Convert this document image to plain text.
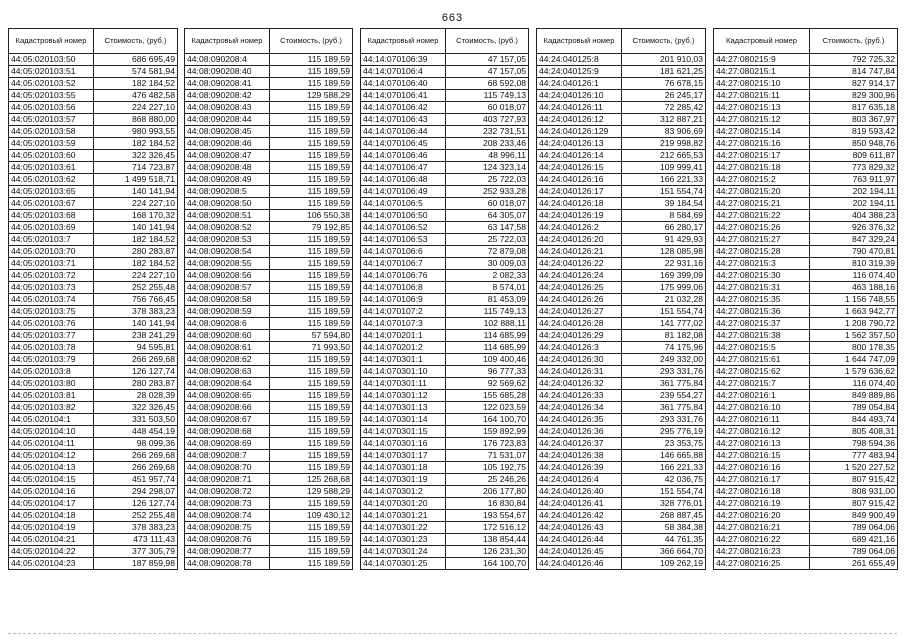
663
Кадастровый номер	Стоимость, (руб.)
44:05:020103:50	686 695,49
44:05:020103:51	574 581,94
44:05:020103:52	182 184,52
44:05:020103:55	476 482,58
44:05:020103:56	224 227,10
44:05:020103:57	868 880,00
44:05:020103:58	980 993,55
44:05:020103:59	182 184,52
44:05:020103:60	322 326,45
44:05:020103:61	714 723,87
44:05:020103:62	1 499 518,71
44:05:020103:65	140 141,94
44:05:020103:67	224 227,10
44:05:020103:68	168 170,32
44:05:020103:69	140 141,94
44:05:020103:7	182 184,52
44:05:020103:70	280 283,87
44:05:020103:71	182 184,52
44:05:020103:72	224 227,10
44:05:020103:73	252 255,48
44:05:020103:74	756 766,45
44:05:020103:75	378 383,23
44:05:020103:76	140 141,94
44:05:020103:77	238 241,29
44:05:020103:78	94 595,81
44:05:020103:79	266 269,68
44:05:020103:8	126 127,74
44:05:020103:80	280 283,87
44:05:020103:81	28 028,39
44:05:020103:82	322 326,45
44:05:020104:1	331 503,50
44:05:020104:10	448 454,19
44:05:020104:11	98 099,36
44:05:020104:12	266 269,68
44:05:020104:13	266 269,68
44:05:020104:15	451 957,74
44:05:020104:16	294 298,07
44:05:020104:17	126 127,74
44:05:020104:18	252 255,48
44:05:020104:19	378 383,23
44:05:020104:21	473 111,43
44:05:020104:22	377 305,79
44:05:020104:23	187 859,98
Кадастровый номер	Стоимость, (руб.)
44:08:090208:4	115 189,59
44:08:090208:40	115 189,59
44:08:090208:41	115 189,59
44:08:090208:42	129 588,29
44:08:090208:43	115 189,59
44:08:090208:44	115 189,59
44:08:090208:45	115 189,59
44:08:090208:46	115 189,59
44:08:090208:47	115 189,59
44:08:090208:48	115 189,59
44:08:090208:49	115 189,59
44:08:090208:5	115 189,59
44:08:090208:50	115 189,59
44:08:090208:51	106 550,38
44:08:090208:52	79 192,85
44:08:090208:53	115 189,59
44:08:090208:54	115 189,59
44:08:090208:55	115 189,59
44:08:090208:56	115 189,59
44:08:090208:57	115 189,59
44:08:090208:58	115 189,59
44:08:090208:59	115 189,59
44:08:090208:6	115 189,59
44:08:090208:60	57 594,80
44:08:090208:61	71 993,50
44:08:090208:62	115 189,59
44:08:090208:63	115 189,59
44:08:090208:64	115 189,59
44:08:090208:65	115 189,59
44:08:090208:66	115 189,59
44:08:090208:67	115 189,59
44:08:090208:68	115 189,59
44:08:090208:69	115 189,59
44:08:090208:7	115 189,59
44:08:090208:70	115 189,59
44:08:090208:71	125 268,68
44:08:090208:72	129 588,29
44:08:090208:73	115 189,59
44:08:090208:74	109 430,12
44:08:090208:75	115 189,59
44:08:090208:76	115 189,59
44:08:090208:77	115 189,59
44:08:090208:78	115 189,59
Кадастровый номер	Стоимость, (руб.)
44:14:070106:39	47 157,05
44:14:070106:4	47 157,05
44:14:070106:40	68 592,08
44:14:070106:41	115 749,13
44:14:070106:42	60 018,07
44:14:070106:43	403 727,93
44:14:070106:44	232 731,51
44:14:070106:45	208 233,46
44:14:070106:46	48 996,11
44:14:070106:47	124 323,14
44:14:070106:48	25 722,03
44:14:070106:49	252 933,28
44:14:070106:5	60 018,07
44:14:070106:50	64 305,07
44:14:070106:52	63 147,58
44:14:070106:53	25 722,03
44:14:070106:6	72 879,08
44:14:070106:7	30 009,03
44:14:070106:76	2 082,33
44:14:070106:8	8 574,01
44:14:070106:9	81 453,09
44:14:070107:2	115 749,13
44:14:070107:3	102 888,11
44:14:070201:1	114 685,99
44:14:070201:2	114 685,99
44:14:070301:1	109 400,46
44:14:070301:10	96 777,33
44:14:070301:11	92 569,62
44:14:070301:12	155 685,28
44:14:070301:13	122 023,59
44:14:070301:14	164 100,70
44:14:070301:15	159 892,99
44:14:070301:16	176 723,83
44:14:070301:17	71 531,07
44:14:070301:18	105 192,75
44:14:070301:19	25 246,26
44:14:070301:2	206 177,80
44:14:070301:20	16 830,84
44:14:070301:21	193 554,67
44:14:070301:22	172 516,12
44:14:070301:23	138 854,44
44:14:070301:24	126 231,30
44:14:070301:25	164 100,70
Кадастровый номер	Стоимость, (руб.)
44:24:040125:8	201 910,03
44:24:040125:9	181 621,25
44:24:040126:1	76 678,15
44:24:040126:10	26 245,17
44:24:040126:11	72 285,42
44:24:040126:12	312 887,21
44:24:040126:129	83 906,69
44:24:040126:13	219 998,82
44:24:040126:14	212 665,53
44:24:040126:15	109 999,41
44:24:040126:16	166 221,33
44:24:040126:17	151 554,74
44:24:040126:18	39 184,54
44:24:040126:19	8 584,69
44:24:040126:2	66 280,17
44:24:040126:20	91 429,93
44:24:040126:21	128 085,98
44:24:040126:22	22 931,16
44:24:040126:24	169 399,09
44:24:040126:25	175 999,06
44:24:040126:26	21 032,28
44:24:040126:27	151 554,74
44:24:040126:28	141 777,02
44:24:040126:29	81 182,08
44:24:040126:3	74 175,96
44:24:040126:30	249 332,00
44:24:040126:31	293 331,76
44:24:040126:32	361 775,84
44:24:040126:33	239 554,27
44:24:040126:34	361 775,84
44:24:040126:35	293 331,76
44:24:040126:36	295 776,19
44:24:040126:37	23 353,75
44:24:040126:38	146 665,88
44:24:040126:39	166 221,33
44:24:040126:4	42 036,75
44:24:040126:40	151 554,74
44:24:040126:41	328 776,01
44:24:040126:42	268 887,45
44:24:040126:43	58 384,38
44:24:040126:44	44 761,35
44:24:040126:45	366 664,70
44:24:040126:46	109 262,19
Кадастровый номер	Стоимость, (руб.)
44:27:080215:9	792 725,32
44:27:080215:1	814 747,84
44:27:080215:10	827 914,17
44:27:080215:11	829 300,96
44:27:080215:13	817 635,18
44:27:080215:12	803 367,97
44:27:080215:14	819 593,42
44:27:080215:16	850 948,76
44:27:080215:17	809 611,87
44:27:080215:18	773 829,32
44:27:080215:2	763 911,97
44:27:080215:20	202 194,11
44:27:080215:21	202 194,11
44:27:080215:22	404 388,23
44:27:080215:26	926 376,32
44:27:080215:27	847 329,24
44:27:080215:28	790 470,81
44:27:080215:3	810 319,39
44:27:080215:30	116 074,40
44:27:080215:31	463 188,16
44:27:080215:35	1 156 748,55
44:27:080215:36	1 663 942,77
44:27:080215:37	1 208 790,72
44:27:080215:38	1 562 357,50
44:27:080215:5	800 178,35
44:27:080215:61	1 644 747,09
44:27:080215:62	1 579 636,62
44:27:080215:7	116 074,40
44:27:080216:1	849 889,86
44:27:080216:10	789 054,84
44:27:080216:11	844 493,74
44:27:080216:12	805 408,31
44:27:080216:13	798 594,36
44:27:080216:15	777 483,94
44:27:080216:16	1 520 227,52
44:27:080216:17	807 915,42
44:27:080216:18	808 931,00
44:27:080216:19	807 915,42
44:27:080216:20	849 900,49
44:27:080216:21	789 064,06
44:27:080216:22	689 421,16
44:27:080216:23	789 064,06
44:27:080216:25	261 655,49
